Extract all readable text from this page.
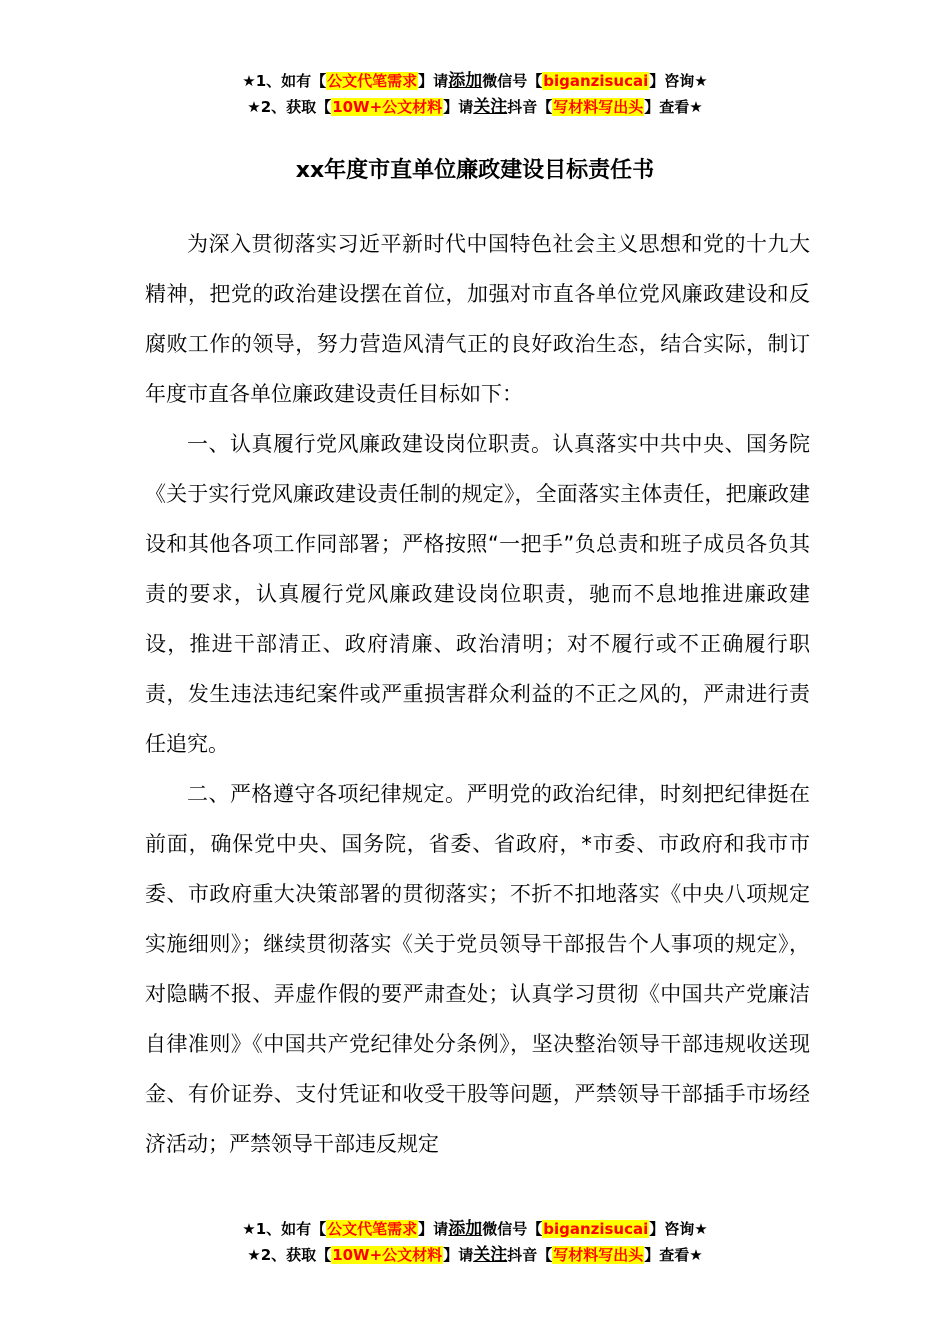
★1、如有【公文代笔需求】请添加微信号【biganzisucai】咨询★
★2、获取【10W+公文材料】请关注抖音【写材料写出头】查看★
xx年度市直单位廉政建设目标责任书

为深入贯彻落实习近平新时代中国特色社会主义思想和党的十九大精神，把党的政治建设摆在首位，加强对市直各单位党风廉政建设和反腐败工作的领导，努力营造风清气正的良好政治生态，结合实际，制订年度市直各单位廉政建设责任目标如下：

一、认真履行党风廉政建设岗位职责。认真落实中共中央、国务院《关于实行党风廉政建设责任制的规定》，全面落实主体责任，把廉政建设和其他各项工作同部署；严格按照“一把手”负总责和班子成员各负其责的要求，认真履行党风廉政建设岗位职责，驰而不息地推进廉政建设，推进干部清正、政府清廉、政治清明；对不履行或不正确履行职责，发生违法违纪案件或严重损害群众利益的不正之风的，严肃进行责任追究。

二、严格遵守各项纪律规定。严明党的政治纪律，时刻把纪律挺在前面，确保党中央、国务院，省委、省政府，*市委、市政府和我市市委、市政府重大决策部署的贯彻落实；不折不扣地落实《中央八项规定实施细则》；继续贯彻落实《关于党员领导干部报告个人事项的规定》，对隐瞒不报、弄虚作假的要严肃查处；认真学习贯彻《中国共产党廉洁自律准则》《中国共产党纪律处分条例》，坚决整治领导干部违规收送现金、有价证券、支付凭证和收受干股等问题，严禁领导干部插手市场经济活动；严禁领导干部违反规定

★1、如有【公文代笔需求】请添加微信号【biganzisucai】咨询★
★2、获取【10W+公文材料】请关注抖音【写材料写出头】查看★
